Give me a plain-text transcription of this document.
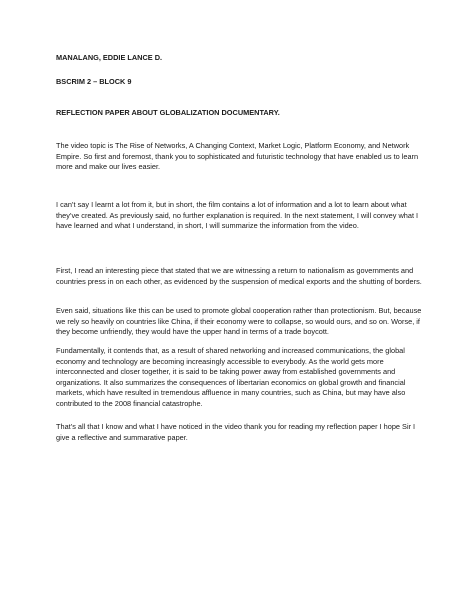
MANALANG, EDDIE LANCE D.

BSCRIM 2 – BLOCK 9

REFLECTION PAPER ABOUT GLOBALIZATION DOCUMENTARY.

The video topic is The Rise of Networks, A Changing Context, Market Logic, Platform Economy, and Network Empire. So first and foremost, thank you to sophisticated and futuristic technology that have enabled us to learn more and make our lives easier.

I can’t say I learnt a lot from it, but in short, the film contains a lot of information and a lot to learn about what they’ve created. As previously said, no further explanation is required. In the next statement, I will convey what I have learned and what I understand, in short, I will summarize the information from the video.

First, I read an interesting piece that stated that we are witnessing a return to nationalism as governments and countries press in on each other, as evidenced by the suspension of medical exports and the shutting of borders.

Even said, situations like this can be used to promote global cooperation rather than protectionism. But, because we rely so heavily on countries like China, if their economy were to collapse, so would ours, and so on. Worse, if they become unfriendly, they would have the upper hand in terms of a trade boycott.

Fundamentally, it contends that, as a result of shared networking and increased communications, the global economy and technology are becoming increasingly accessible to everybody. As the world gets more interconnected and closer together, it is said to be taking power away from established governments and organizations. It also summarizes the consequences of libertarian economics on global growth and financial markets, which have resulted in tremendous affluence in many countries, such as China, but may have also contributed to the 2008 financial catastrophe.

That’s all that I know and what I have noticed in the video thank you for reading my reflection paper I hope Sir I give a reflective and summarative paper.
